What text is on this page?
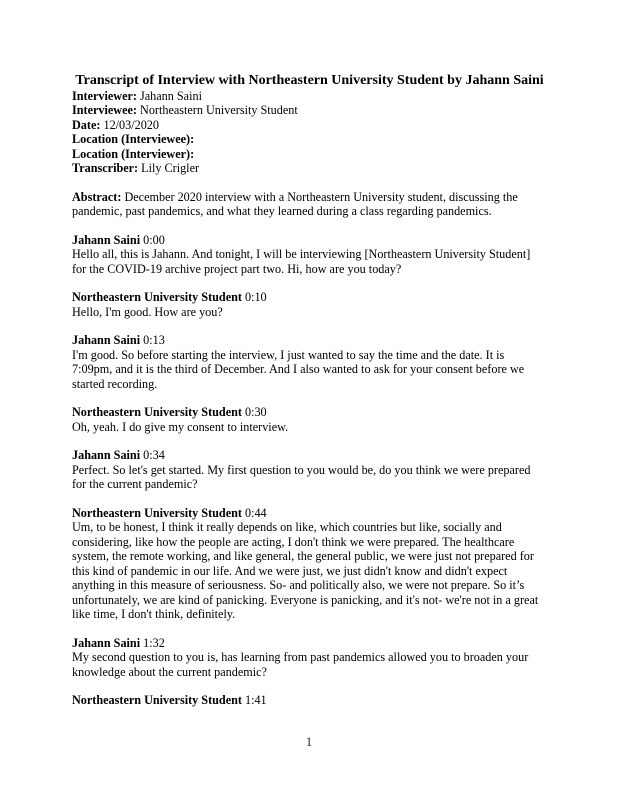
Transcript of Interview with Northeastern University Student by Jahann Saini

Interviewer: Jahann Saini

Interviewee: Northeastern University Student

Date: 12/03/2020

Location (Interviewee):

Location (Interviewer):

Transcriber: Lily Crigler

Abstract: December 2020 interview with a Northeastern University student, discussing the pandemic, past pandemics, and what they learned during a class regarding pandemics.

Jahann Saini 0:00

Hello all, this is Jahann. And tonight, I will be interviewing [Northeastern University Student] for the COVID-19 archive project part two. Hi, how are you today?

Northeastern University Student 0:10

Hello, I'm good. How are you?

Jahann Saini 0:13

I'm good. So before starting the interview, I just wanted to say the time and the date. It is 7:09pm, and it is the third of December. And I also wanted to ask for your consent before we started recording.

Northeastern University Student 0:30

Oh, yeah. I do give my consent to interview.

Jahann Saini 0:34

Perfect. So let's get started. My first question to you would be, do you think we were prepared for the current pandemic?

Northeastern University Student 0:44

Um, to be honest, I think it really depends on like, which countries but like, socially and considering, like how the people are acting, I don't think we were prepared. The healthcare system, the remote working, and like general, the general public, we were just not prepared for this kind of pandemic in our life. And we were just, we just didn't know and didn't expect anything in this measure of seriousness. So- and politically also, we were not prepare. So it’s unfortunately, we are kind of panicking. Everyone is panicking, and it's not- we're not in a great like time, I don't think, definitely.

Jahann Saini 1:32

My second question to you is, has learning from past pandemics allowed you to broaden your knowledge about the current pandemic?

Northeastern University Student 1:41

1
